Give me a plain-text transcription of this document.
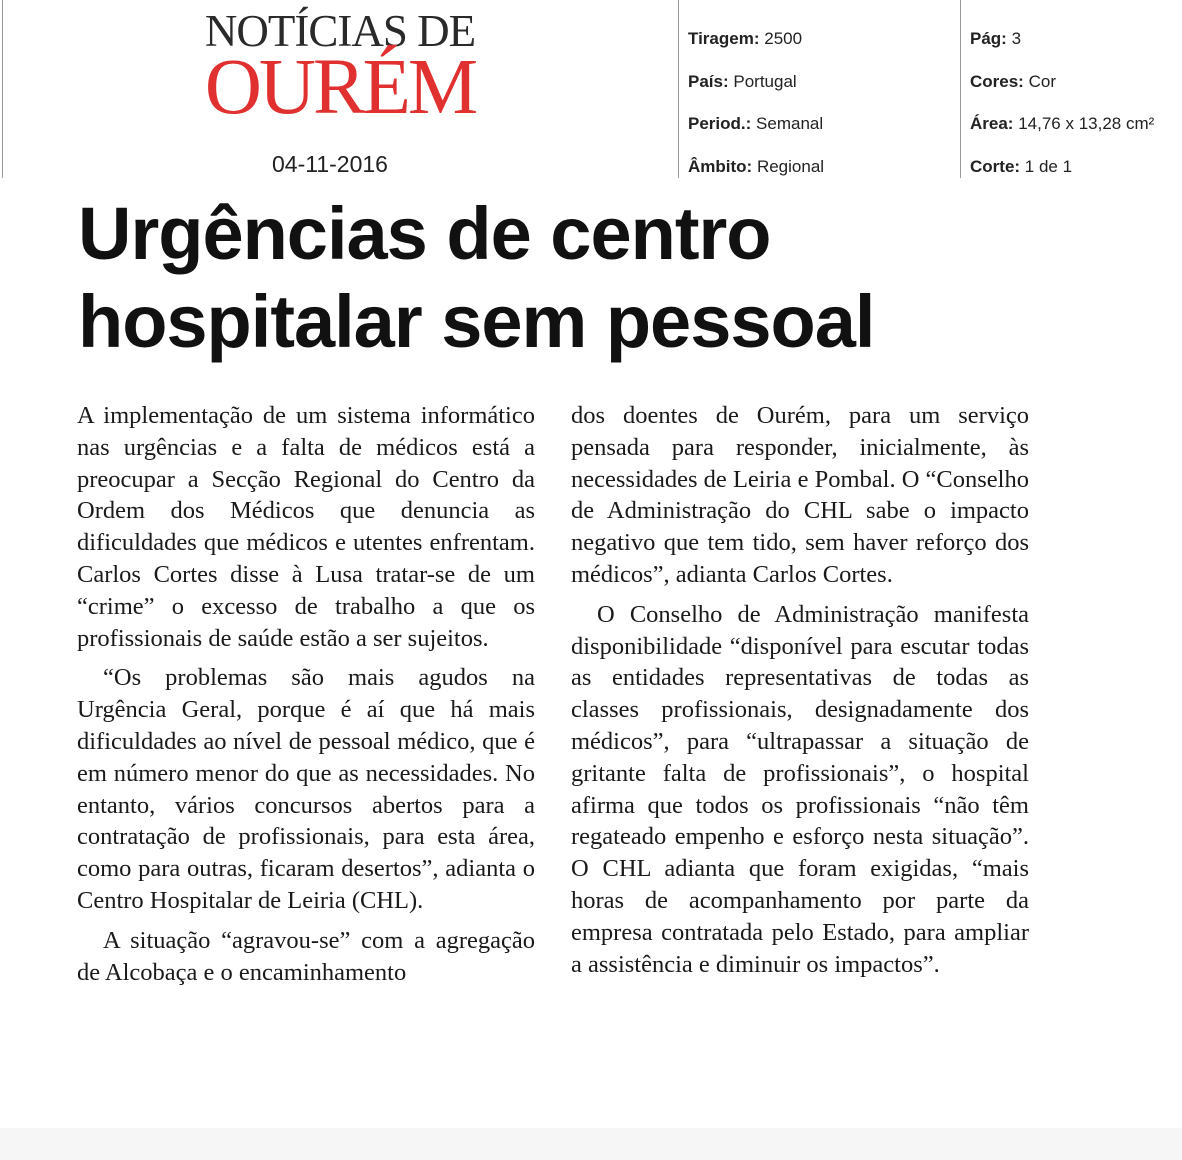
NOTÍCIAS DE
OURÉM
04-11-2016
Tiragem: 2500
País: Portugal
Period.: Semanal
Âmbito: Regional
Pág: 3
Cores: Cor
Área: 14,76 x 13,28 cm²
Corte: 1 de 1
Urgências de centro hospitalar sem pessoal

A implementação de um sistema informático nas urgências e a falta de médicos está a preocupar a Secção Regional do Centro da Ordem dos Médicos que denuncia as dificuldades que médicos e utentes enfrentam. Carlos Cortes disse à Lusa tratar-se de um “crime” o excesso de trabalho a que os profissionais de saúde estão a ser sujeitos.

“Os problemas são mais agudos na Urgência Geral, porque é aí que há mais dificuldades ao nível de pessoal médico, que é em número menor do que as necessidades. No entanto, vários concursos abertos para a contratação de profissionais, para esta área, como para outras, ficaram desertos”, adianta o Centro Hospitalar de Leiria (CHL).

A situação “agravou-se” com a agregação de Alcobaça e o encaminhamento

dos doentes de Ourém, para um serviço pensada para responder, inicialmente, às necessidades de Leiria e Pombal. O “Conselho de Administração do CHL sabe o impacto negativo que tem tido, sem haver reforço dos médicos”, adianta Carlos Cortes.

O Conselho de Administração manifesta disponibilidade “disponível para escutar todas as entidades representativas de todas as classes profissionais, designadamente dos médicos”, para “ultrapassar a situação de gritante falta de profissionais”, o hospital afirma que todos os profissionais “não têm regateado empenho e esforço nesta situação”. O CHL adianta que foram exigidas, “mais horas de acompanhamento por parte da empresa contratada pelo Estado, para ampliar a assistência e diminuir os impactos”.
